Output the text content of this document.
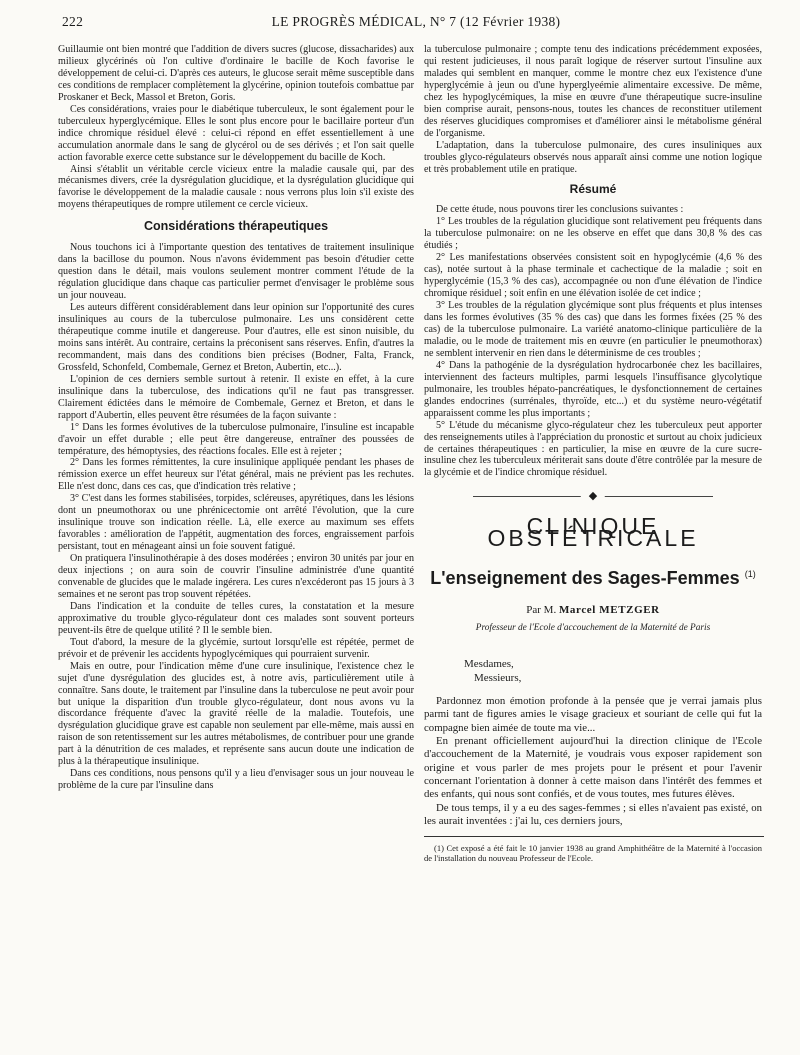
222	LE PROGRÈS MÉDICAL, N° 7 (12 Février 1938)

Guillaumie ont bien montré que l'addition de divers sucres (glucose, dissacharides) aux milieux glycérinés où l'on cultive d'ordinaire le bacille de Koch favorise le développement de celui-ci. D'après ces auteurs, le glucose serait même susceptible dans ces conditions de remplacer complètement la glycérine, opinion toutefois combattue par Proskaner et Beck, Massol et Breton, Goris.

Ces considérations, vraies pour le diabétique tuberculeux, le sont également pour le tuberculeux hyperglycémique. Elles le sont plus encore pour le bacillaire porteur d'un indice chromique résiduel élevé : celui-ci répond en effet essentiellement à une accumulation anormale dans le sang de glycérol ou de ses dérivés ; et l'on sait quelle action favorable exerce cette substance sur le développement du bacille de Koch.

Ainsi s'établit un véritable cercle vicieux entre la maladie causale qui, par des mécanismes divers, crée la dysrégulation glucidique, et la dysrégulation glucidique qui favorise le développement de la maladie causale : nous verrons plus loin s'il existe des moyens thérapeutiques de rompre utilement ce cercle vicieux.

Considérations thérapeutiques

Nous touchons ici à l'importante question des tentatives de traitement insulinique dans la bacillose du poumon. Nous n'avons évidemment pas besoin d'étudier cette question dans le détail, mais voulons seulement montrer comment l'étude de la régulation glucidique dans chaque cas particulier permet d'envisager le problème sous un jour nouveau.

Les auteurs diffèrent considérablement dans leur opinion sur l'opportunité des cures insuliniques au cours de la tuberculose pulmonaire. Les uns considèrent cette thérapeutique comme inutile et dangereuse. Pour d'autres, elle est sinon nuisible, du moins sans intérêt. Au contraire, certains la préconisent sans réserves. Enfin, d'autres la recommandent, mais dans des conditions bien précises (Bodner, Falta, Franck, Grossfeld, Schonfeld, Combemale, Gernez et Breton, Aubertin, etc...).

L'opinion de ces derniers semble surtout à retenir. Il existe en effet, à la cure insulinique dans la tuberculose, des indications qu'il ne faut pas transgresser. Clairement édictées dans le mémoire de Combemale, Gernez et Breton, et dans le rapport d'Aubertin, elles peuvent être résumées de la façon suivante :

1° Dans les formes évolutives de la tuberculose pulmonaire, l'insuline est incapable d'avoir un effet durable ; elle peut être dangereuse, entraîner des poussées de température, des hémoptysies, des réactions focales. Elle est à rejeter ;

2° Dans les formes rémittentes, la cure insulinique appliquée pendant les phases de rémission exerce un effet heureux sur l'état général, mais ne prévient pas les rechutes. Elle n'est donc, dans ces cas, que d'indication très relative ;

3° C'est dans les formes stabilisées, torpides, scléreuses, apyrétiques, dans les lésions dont un pneumothorax ou une phrénicectomie ont arrêté l'évolution, que la cure insulinique trouve son indication réelle. Là, elle exerce au maximum ses effets favorables : amélioration de l'appétit, augmentation des forces, engraissement parfois persistant, tout en ménageant ainsi un foie souvent fatigué.

On pratiquera l'insulinothérapie à des doses modérées ; environ 30 unités par jour en deux injections ; on aura soin de couvrir l'insuline administrée d'une quantité convenable de glucides que le malade ingérera. Les cures n'excéderont pas 15 jours à 3 semaines et ne seront pas trop souvent répétées.

Dans l'indication et la conduite de telles cures, la constatation et la mesure approximative du trouble glyco-régulateur dont ces malades sont souvent porteurs peuvent-ils être de quelque utilité ? Il le semble bien.

Tout d'abord, la mesure de la glycémie, surtout lorsqu'elle est répétée, permet de prévoir et de prévenir les accidents hypoglycémiques qui pourraient survenir.

Mais en outre, pour l'indication même d'une cure insulinique, l'existence chez le sujet d'une dysrégulation des glucides est, à notre avis, particulièrement utile à connaître. Sans doute, le traitement par l'insuline dans la tuberculose ne peut avoir pour but unique la disparition d'un trouble glyco-régulateur, dont nous avons vu la discordance fréquente d'avec la gravité réelle de la maladie. Toutefois, une dysrégulation glucidique grave est capable non seulement par elle-même, mais aussi en raison de son retentissement sur les autres métabolismes, de contribuer pour une grande part à la dénutrition de ces malades, et représente sans aucun doute une indication de plus à la thérapeutique insulinique.

Dans ces conditions, nous pensons qu'il y a lieu d'envisager sous un jour nouveau le problème de la cure par l'insuline dans

la tuberculose pulmonaire ; compte tenu des indications précédemment exposées, qui restent judicieuses, il nous paraît logique de réserver surtout l'insuline aux malades qui semblent en manquer, comme le montre chez eux l'existence d'une hyperglycémie à jeun ou d'une hyperglyeémie alimentaire excessive. De même, chez les hypoglycémiques, la mise en œuvre d'une thérapeutique sucre-insuline bien comprise aurait, pensons-nous, toutes les chances de reconstituer utilement des réserves glucidiques compromises et d'améliorer ainsi le métabolisme général de l'organisme.

L'adaptation, dans la tuberculose pulmonaire, des cures insuliniques aux troubles glyco-régulateurs observés nous apparaît ainsi comme une notion logique et très probablement utile en pratique.

Résumé

De cette étude, nous pouvons tirer les conclusions suivantes :

1° Les troubles de la régulation glucidique sont relativement peu fréquents dans la tuberculose pulmonaire: on ne les observe en effet que dans 30,8 % des cas étudiés ;

2° Les manifestations observées consistent soit en hypoglycémie (4,6 % des cas), notée surtout à la phase terminale et cachectique de la maladie ; soit en hyperglycémie (15,3 % des cas), accompagnée ou non d'une élévation de l'indice chromique résiduel ; soit enfin en une élévation isolée de cet indice ;

3° Les troubles de la régulation glycémique sont plus fréquents et plus intenses dans les formes évolutives (35 % des cas) que dans les formes fixées (25 % des cas) de la tuberculose pulmonaire. La variété anatomo-clinique particulière de la maladie, ou le mode de traitement mis en œuvre (en particulier le pneumothorax) ne semblent intervenir en rien dans le déterminisme de ces troubles ;

4° Dans la pathogénie de la dysrégulation hydrocarbonée chez les bacillaires, interviennent des facteurs multiples, parmi lesquels l'insuffisance glycolytique pulmonaire, les troubles hépato-pancréatiques, le dysfonctionnement de certaines glandes endocrines (surrénales, thyroïde, etc...) et du système neuro-végétatif apparaissent comme les plus importants ;

5° L'étude du mécanisme glyco-régulateur chez les tuberculeux peut apporter des renseignements utiles à l'appréciation du pronostic et surtout au choix judicieux de certaines thérapeutiques : en particulier, la mise en œuvre de la cure sucre-insuline chez les tuberculeux mériterait sans doute d'être contrôlée par la mesure de la glycémie et de l'indice chromique résiduel.

◆
CLINIQUE OBSTÉTRICALE
L'enseignement des Sages-Femmes $^{(1)}$
Par M. Marcel METZGER
Professeur de l'Ecole d'accouchement de la Maternité de Paris
Mesdames,
Messieurs,

Pardonnez mon émotion profonde à la pensée que je verrai jamais plus parmi tant de figures amies le visage gracieux et souriant de celle qui fut la compagne bien aimée de toute ma vie...

En prenant officiellement aujourd'hui la direction clinique de l'Ecole d'accouchement de la Maternité, je voudrais vous exposer rapidement son origine et vous parler de mes projets pour le présent et pour l'avenir concernant l'orientation à donner à cette maison dans l'intérêt des femmes et des enfants, qui nous sont confiés, et de vous toutes, mes futures élèves.

De tous temps, il y a eu des sages-femmes ; si elles n'avaient pas existé, on les aurait inventées : j'ai lu, ces derniers jours,

(1) Cet exposé a été fait le 10 janvier 1938 au grand Amphithéâtre de la Maternité à l'occasion de l'installation du nouveau Professeur de l'Ecole.
